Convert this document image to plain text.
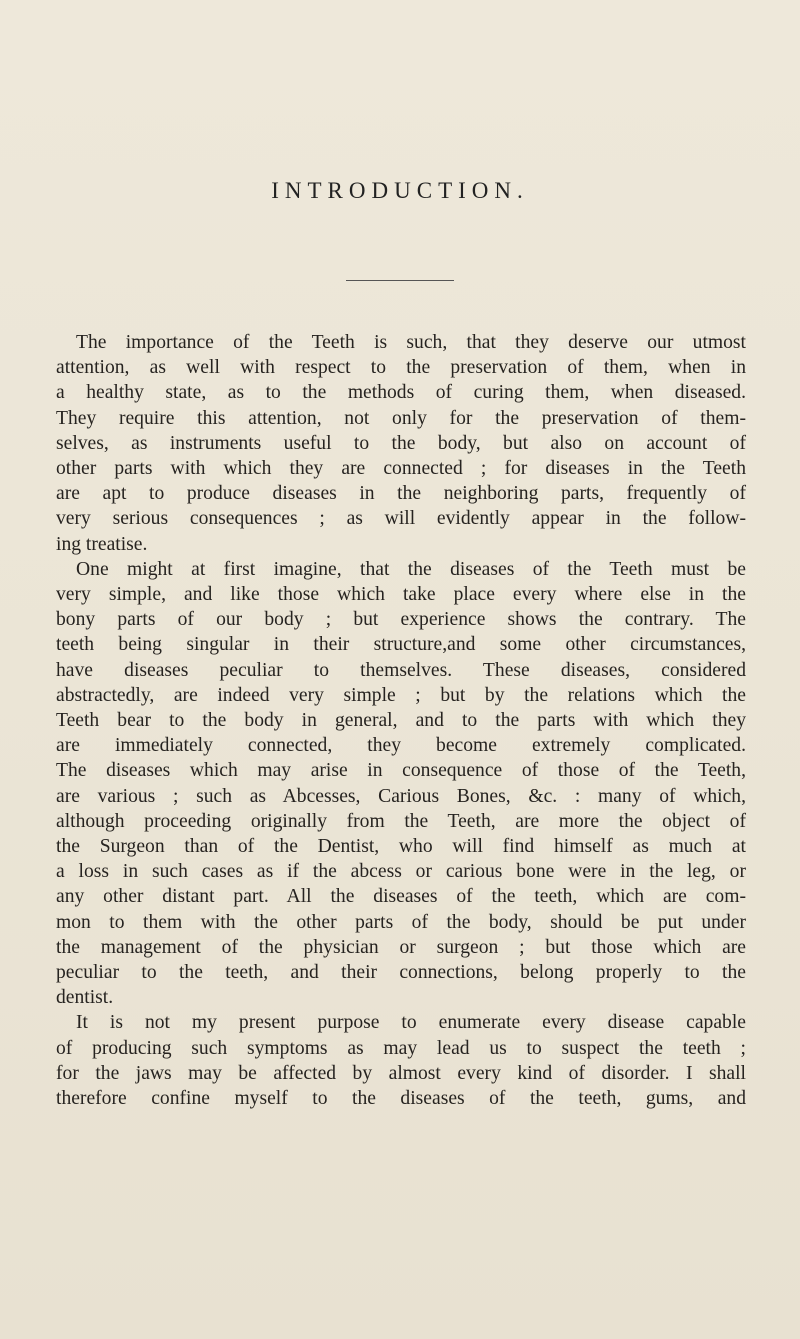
INTRODUCTION.
The importance of the Teeth is such, that they deserve our utmost
attention, as well with respect to the preservation of them, when in
a healthy state, as to the methods of curing them, when diseased.
They require this attention, not only for the preservation of them-
selves, as instruments useful to the body, but also on account of
other parts with which they are connected ; for diseases in the Teeth
are apt to produce diseases in the neighboring parts, frequently of
very serious consequences ; as will evidently appear in the follow-
ing treatise.
One might at first imagine, that the diseases of the Teeth must be
very simple, and like those which take place every where else in the
bony parts of our body ; but experience shows the contrary. The
teeth being singular in their structure,and some other circumstances,
have diseases peculiar to themselves. These diseases, considered
abstractedly, are indeed very simple ; but by the relations which the
Teeth bear to the body in general, and to the parts with which they
are immediately connected, they become extremely complicated.
The diseases which may arise in consequence of those of the Teeth,
are various ; such as Abcesses, Carious Bones, &c. : many of which,
although proceeding originally from the Teeth, are more the object of
the Surgeon than of the Dentist, who will find himself as much at
a loss in such cases as if the abcess or carious bone were in the leg, or
any other distant part. All the diseases of the teeth, which are com-
mon to them with the other parts of the body, should be put under
the management of the physician or surgeon ; but those which are
peculiar to the teeth, and their connections, belong properly to the
dentist.
It is not my present purpose to enumerate every disease capable
of producing such symptoms as may lead us to suspect the teeth ;
for the jaws may be affected by almost every kind of disorder. I shall
therefore confine myself to the diseases of the teeth, gums, and
